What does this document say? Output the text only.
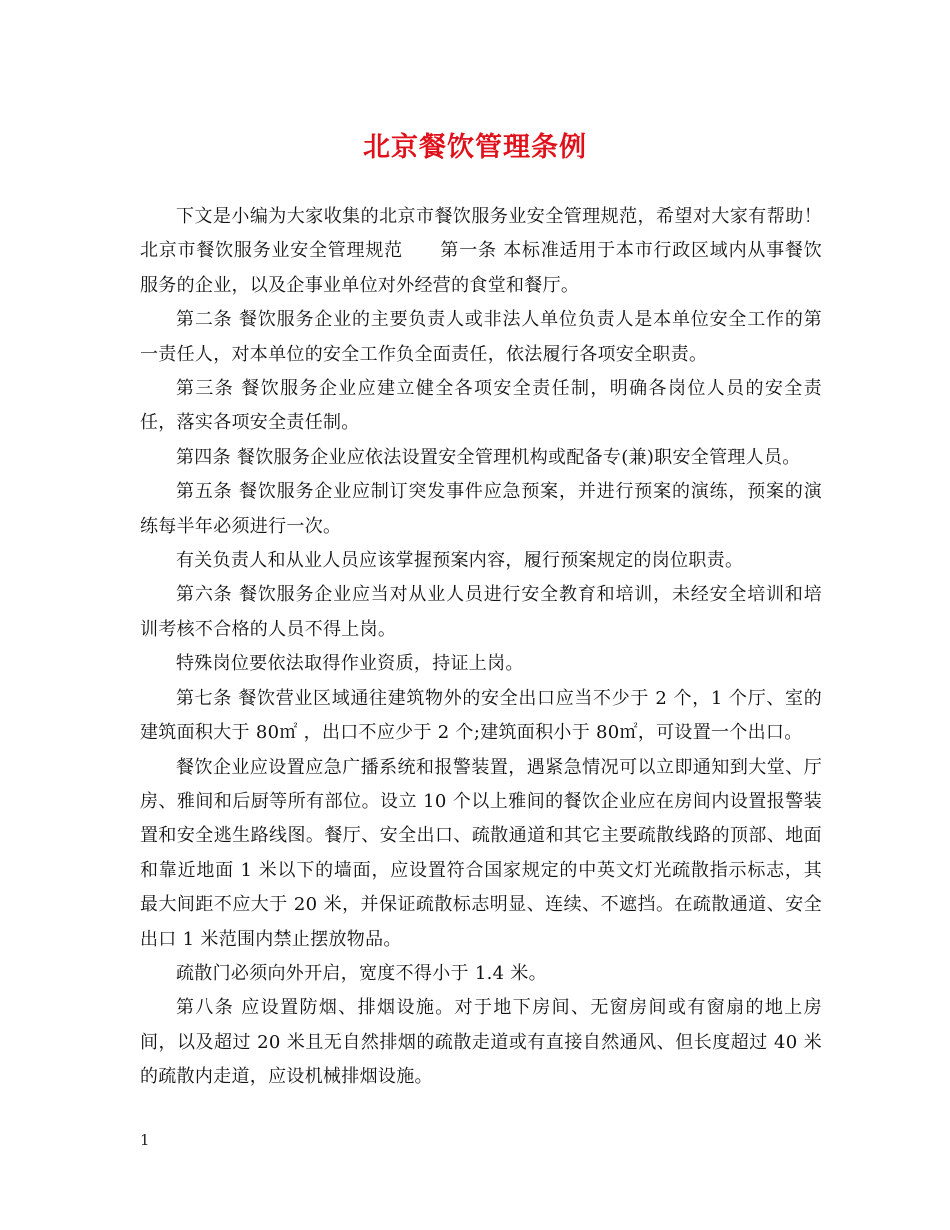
北京餐饮管理条例

下文是小编为大家收集的北京市餐饮服务业安全管理规范，希望对大家有帮助！北京市餐饮服务业安全管理规范　　第一条 本标准适用于本市行政区域内从事餐饮服务的企业，以及企事业单位对外经营的食堂和餐厅。

第二条 餐饮服务企业的主要负责人或非法人单位负责人是本单位安全工作的第一责任人，对本单位的安全工作负全面责任，依法履行各项安全职责。

第三条 餐饮服务企业应建立健全各项安全责任制，明确各岗位人员的安全责任，落实各项安全责任制。

第四条 餐饮服务企业应依法设置安全管理机构或配备专(兼)职安全管理人员。

第五条 餐饮服务企业应制订突发事件应急预案，并进行预案的演练，预案的演练每半年必须进行一次。

有关负责人和从业人员应该掌握预案内容，履行预案规定的岗位职责。

第六条 餐饮服务企业应当对从业人员进行安全教育和培训，未经安全培训和培训考核不合格的人员不得上岗。

特殊岗位要依法取得作业资质，持证上岗。

第七条 餐饮营业区域通往建筑物外的安全出口应当不少于 2 个，1 个厅、室的建筑面积大于 80㎡ ，出口不应少于 2 个;建筑面积小于 80㎡，可设置一个出口。

餐饮企业应设置应急广播系统和报警装置，遇紧急情况可以立即通知到大堂、厅房、雅间和后厨等所有部位。设立 10 个以上雅间的餐饮企业应在房间内设置报警装置和安全逃生路线图。餐厅、安全出口、疏散通道和其它主要疏散线路的顶部、地面和靠近地面 1 米以下的墙面，应设置符合国家规定的中英文灯光疏散指示标志，其最大间距不应大于 20 米，并保证疏散标志明显、连续、不遮挡。在疏散通道、安全出口 1 米范围内禁止摆放物品。

疏散门必须向外开启，宽度不得小于 1.4 米。

第八条 应设置防烟、排烟设施。对于地下房间、无窗房间或有窗扇的地上房间，以及超过 20 米且无自然排烟的疏散走道或有直接自然通风、但长度超过 40 米的疏散内走道，应设机械排烟设施。

1
